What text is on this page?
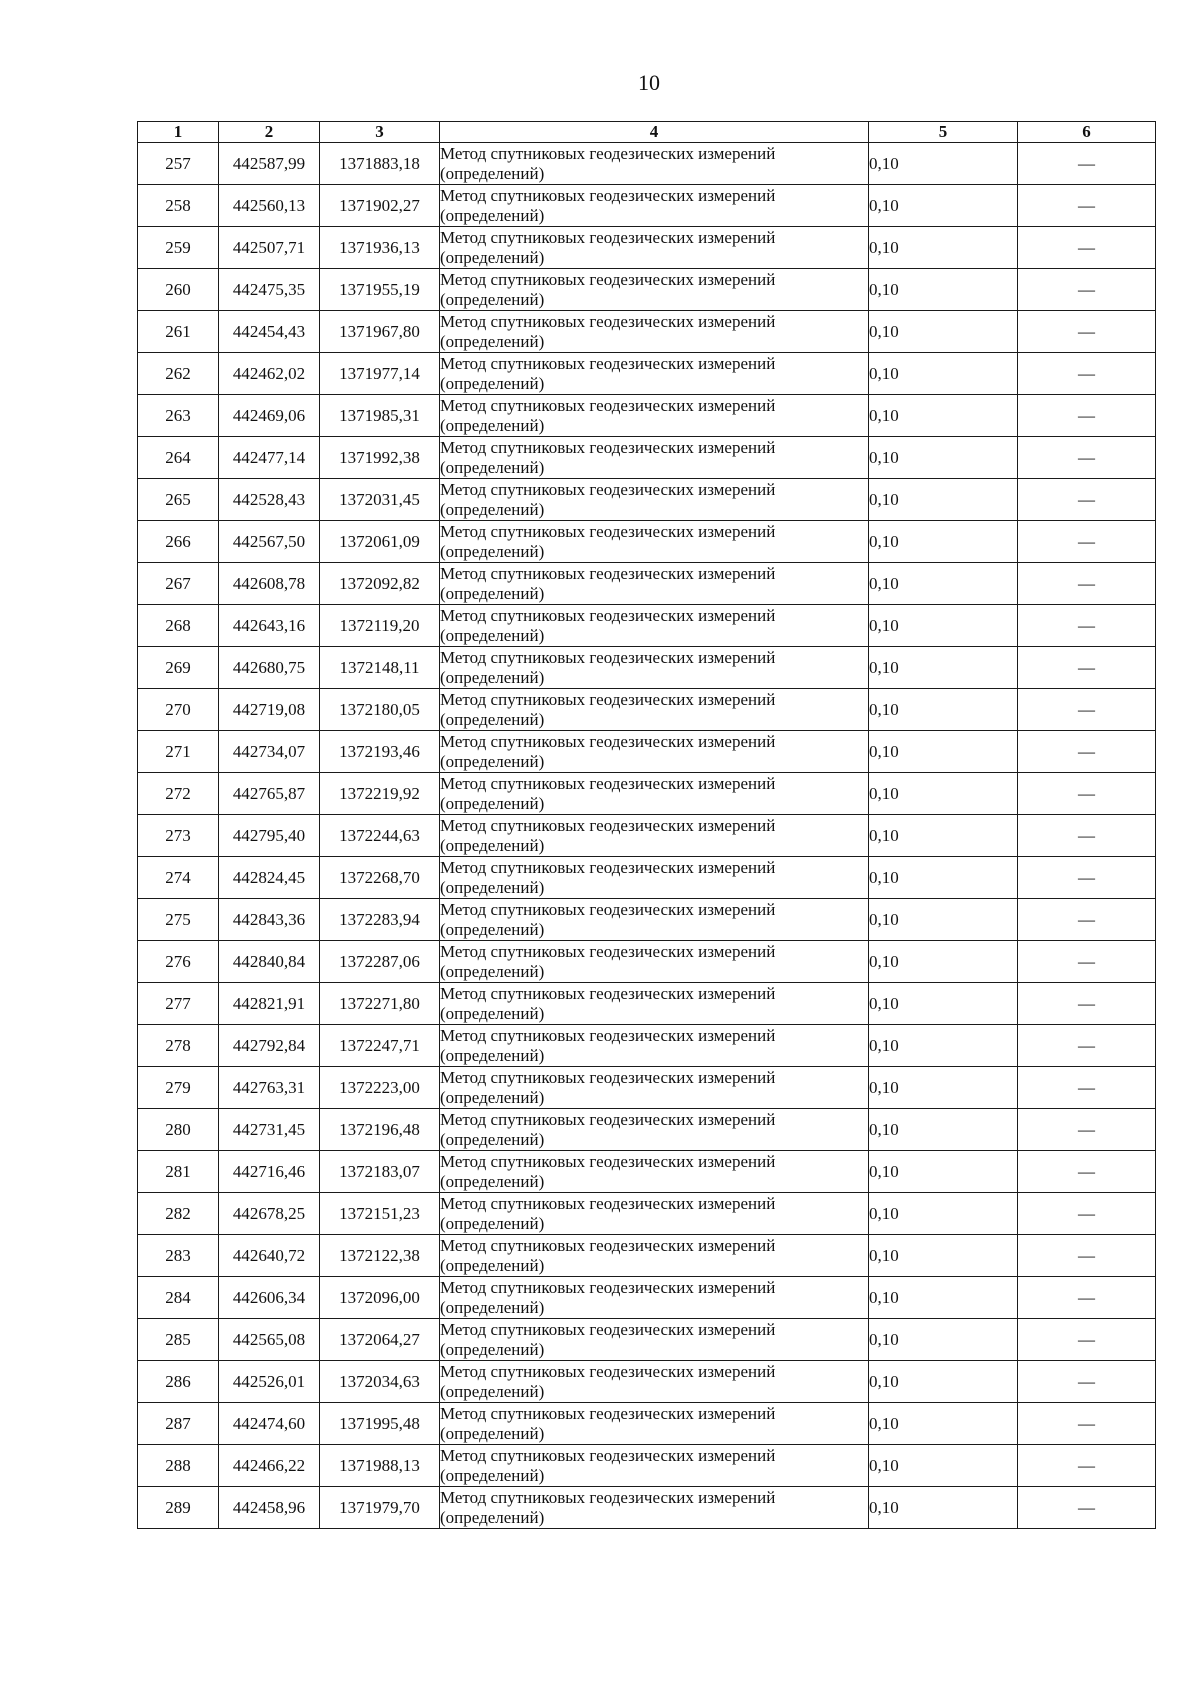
10
1	2	3	4	5	6
257	442587,99	1371883,18	Метод спутниковых геодезических измерений (определений)	0,10	—
258	442560,13	1371902,27	Метод спутниковых геодезических измерений (определений)	0,10	—
259	442507,71	1371936,13	Метод спутниковых геодезических измерений (определений)	0,10	—
260	442475,35	1371955,19	Метод спутниковых геодезических измерений (определений)	0,10	—
261	442454,43	1371967,80	Метод спутниковых геодезических измерений (определений)	0,10	—
262	442462,02	1371977,14	Метод спутниковых геодезических измерений (определений)	0,10	—
263	442469,06	1371985,31	Метод спутниковых геодезических измерений (определений)	0,10	—
264	442477,14	1371992,38	Метод спутниковых геодезических измерений (определений)	0,10	—
265	442528,43	1372031,45	Метод спутниковых геодезических измерений (определений)	0,10	—
266	442567,50	1372061,09	Метод спутниковых геодезических измерений (определений)	0,10	—
267	442608,78	1372092,82	Метод спутниковых геодезических измерений (определений)	0,10	—
268	442643,16	1372119,20	Метод спутниковых геодезических измерений (определений)	0,10	—
269	442680,75	1372148,11	Метод спутниковых геодезических измерений (определений)	0,10	—
270	442719,08	1372180,05	Метод спутниковых геодезических измерений (определений)	0,10	—
271	442734,07	1372193,46	Метод спутниковых геодезических измерений (определений)	0,10	—
272	442765,87	1372219,92	Метод спутниковых геодезических измерений (определений)	0,10	—
273	442795,40	1372244,63	Метод спутниковых геодезических измерений (определений)	0,10	—
274	442824,45	1372268,70	Метод спутниковых геодезических измерений (определений)	0,10	—
275	442843,36	1372283,94	Метод спутниковых геодезических измерений (определений)	0,10	—
276	442840,84	1372287,06	Метод спутниковых геодезических измерений (определений)	0,10	—
277	442821,91	1372271,80	Метод спутниковых геодезических измерений (определений)	0,10	—
278	442792,84	1372247,71	Метод спутниковых геодезических измерений (определений)	0,10	—
279	442763,31	1372223,00	Метод спутниковых геодезических измерений (определений)	0,10	—
280	442731,45	1372196,48	Метод спутниковых геодезических измерений (определений)	0,10	—
281	442716,46	1372183,07	Метод спутниковых геодезических измерений (определений)	0,10	—
282	442678,25	1372151,23	Метод спутниковых геодезических измерений (определений)	0,10	—
283	442640,72	1372122,38	Метод спутниковых геодезических измерений (определений)	0,10	—
284	442606,34	1372096,00	Метод спутниковых геодезических измерений (определений)	0,10	—
285	442565,08	1372064,27	Метод спутниковых геодезических измерений (определений)	0,10	—
286	442526,01	1372034,63	Метод спутниковых геодезических измерений (определений)	0,10	—
287	442474,60	1371995,48	Метод спутниковых геодезических измерений (определений)	0,10	—
288	442466,22	1371988,13	Метод спутниковых геодезических измерений (определений)	0,10	—
289	442458,96	1371979,70	Метод спутниковых геодезических измерений (определений)	0,10	—
